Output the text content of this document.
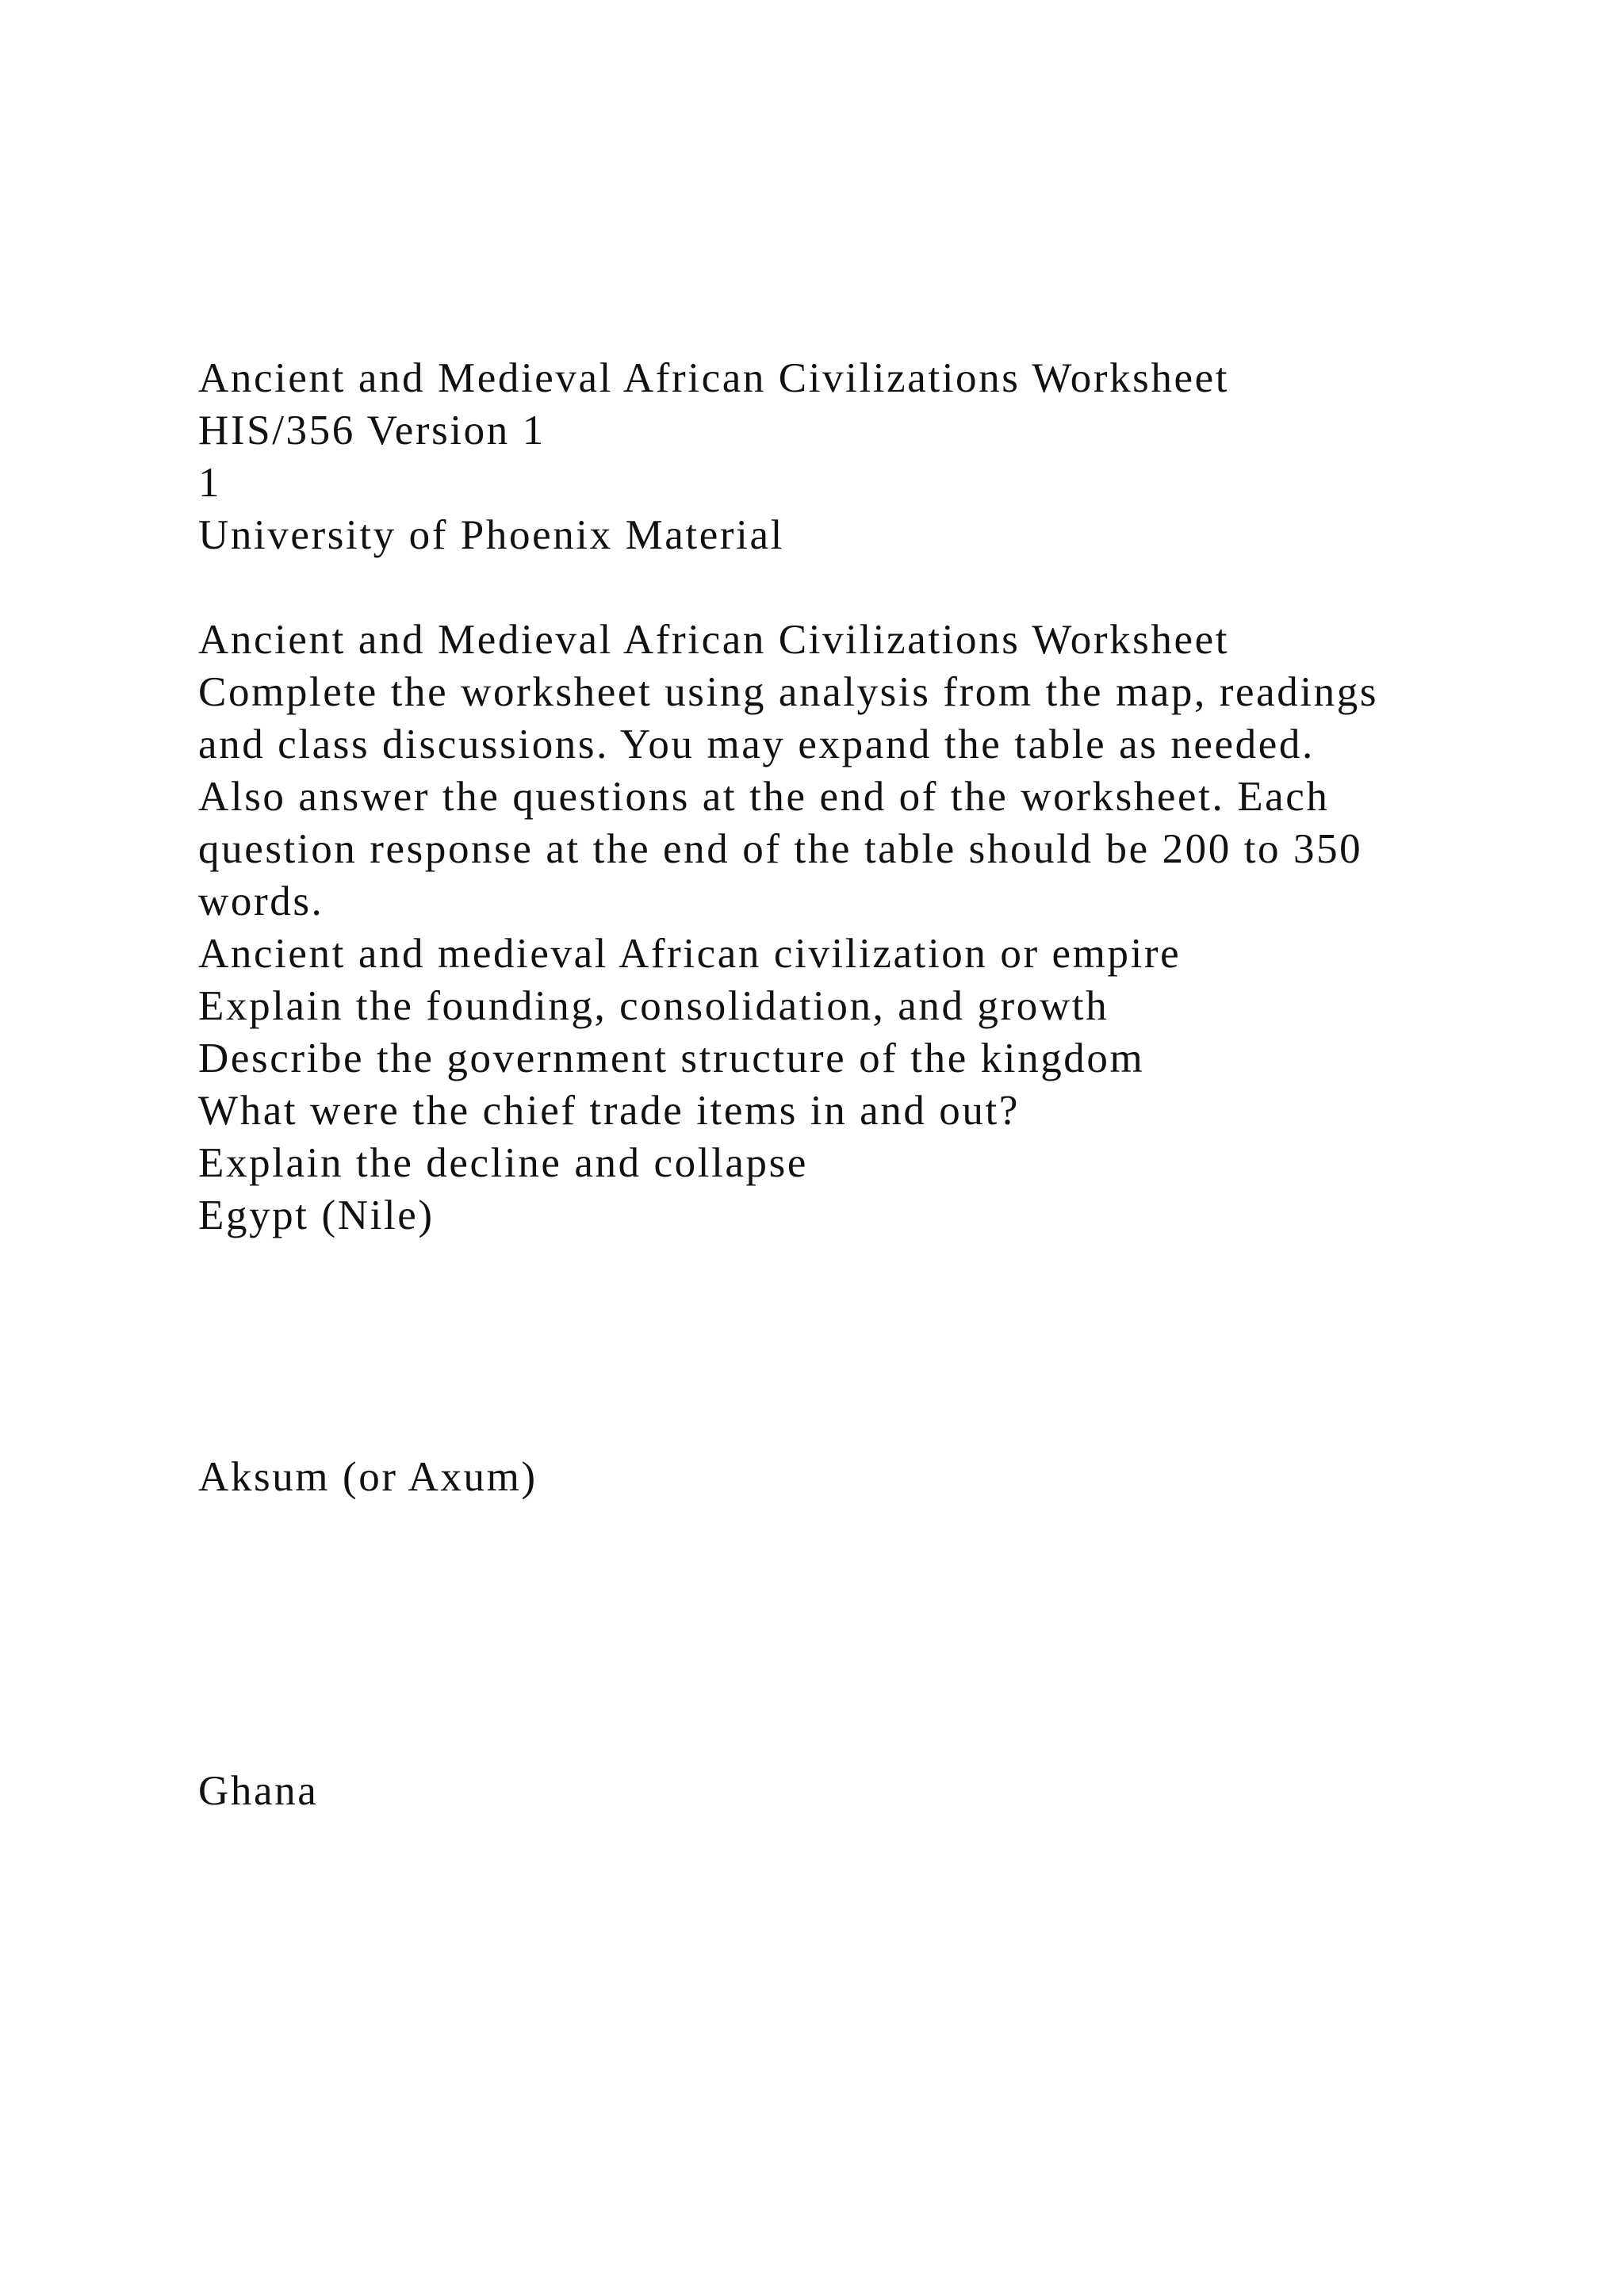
Ancient and Medieval African Civilizations Worksheet

HIS/356 Version 1

1

University of Phoenix Material

Ancient and Medieval African Civilizations Worksheet

Complete the worksheet using analysis from the map, readings

and class discussions. You may expand the table as needed.

Also answer the questions at the end of the worksheet. Each

question response at the end of the table should be 200 to 350

words.

Ancient and medieval African civilization or empire

Explain the founding, consolidation, and growth

Describe the government structure of the kingdom

What were the chief trade items in and out?

Explain the decline and collapse

Egypt (Nile)

Aksum (or Axum)

Ghana
